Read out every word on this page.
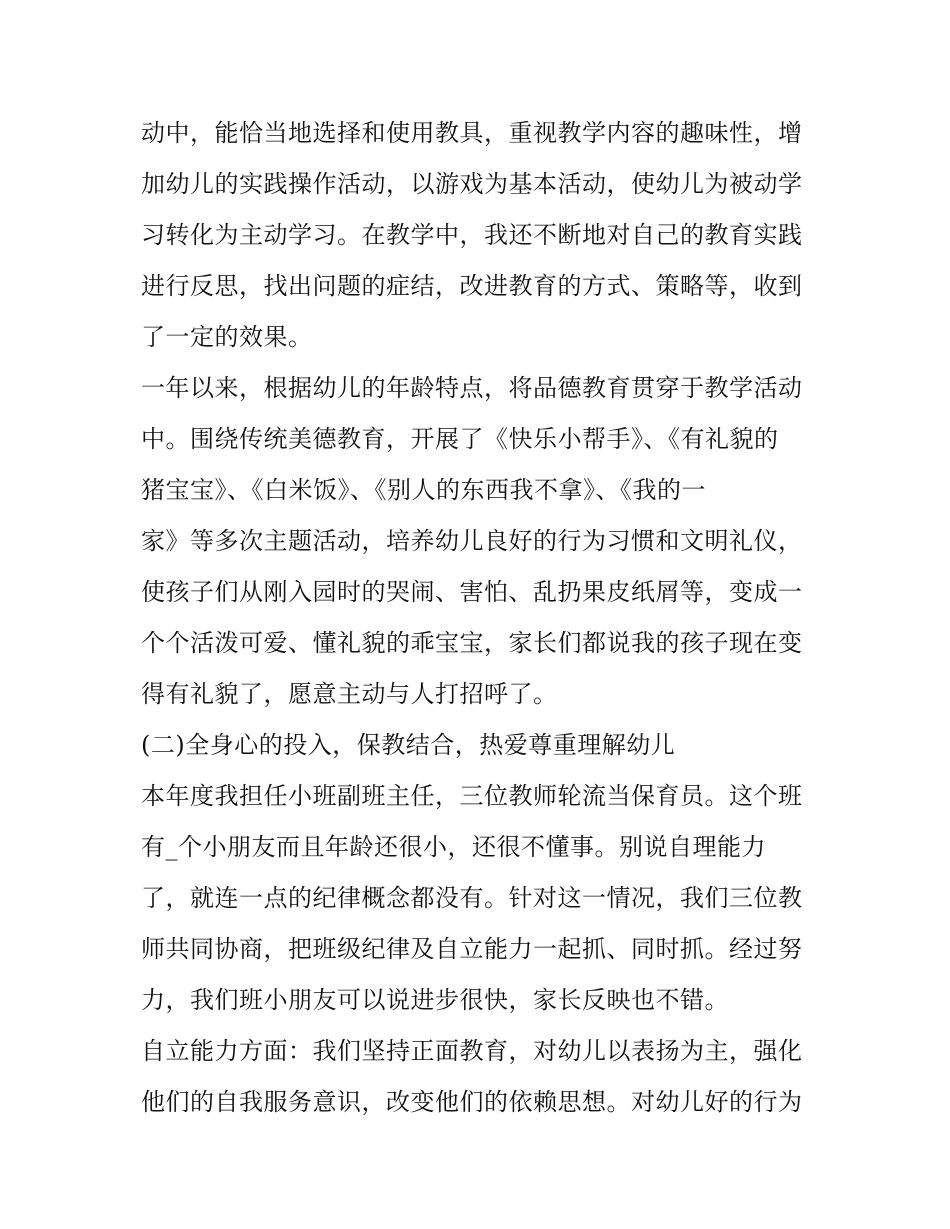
动中，能恰当地选择和使用教具，重视教学内容的趣味性，增
加幼儿的实践操作活动，以游戏为基本活动，使幼儿为被动学
习转化为主动学习。在教学中，我还不断地对自己的教育实践
进行反思，找出问题的症结，改进教育的方式、策略等，收到
了一定的效果。
一年以来，根据幼儿的年龄特点，将品德教育贯穿于教学活动
中。围绕传统美德教育，开展了《快乐小帮手》、《有礼貌的
猪宝宝》、《白米饭》、《别人的东西我不拿》、《我的一
家》等多次主题活动，培养幼儿良好的行为习惯和文明礼仪，
使孩子们从刚入园时的哭闹、害怕、乱扔果皮纸屑等，变成一
个个活泼可爱、懂礼貌的乖宝宝，家长们都说我的孩子现在变
得有礼貌了，愿意主动与人打招呼了。
(二)全身心的投入，保教结合，热爱尊重理解幼儿
本年度我担任小班副班主任，三位教师轮流当保育员。这个班
有_个小朋友而且年龄还很小，还很不懂事。别说自理能力
了，就连一点的纪律概念都没有。针对这一情况，我们三位教
师共同协商，把班级纪律及自立能力一起抓、同时抓。经过努
力，我们班小朋友可以说进步很快，家长反映也不错。
自立能力方面：我们坚持正面教育，对幼儿以表扬为主，强化
他们的自我服务意识，改变他们的依赖思想。对幼儿好的行为
